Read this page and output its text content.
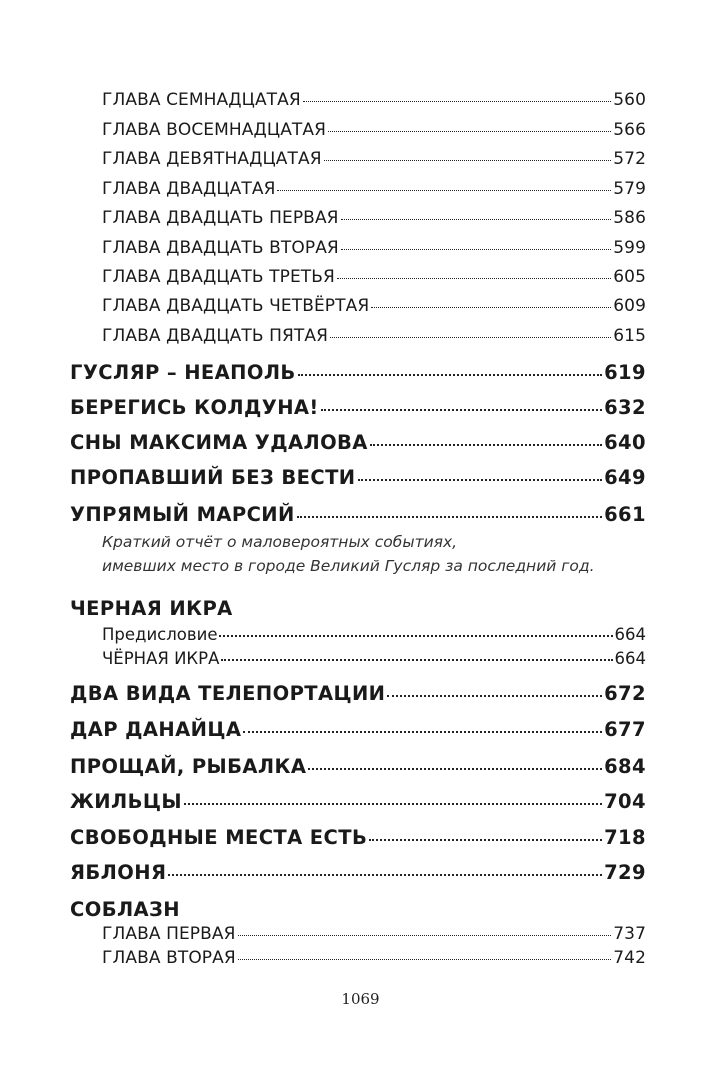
ГЛАВА СЕМНАДЦАТАЯ	560
ГЛАВА ВОСЕМНАДЦАТАЯ	566
ГЛАВА ДЕВЯТНАДЦАТАЯ	572
ГЛАВА ДВАДЦАТАЯ	579
ГЛАВА ДВАДЦАТЬ ПЕРВАЯ	586
ГЛАВА ДВАДЦАТЬ ВТОРАЯ	599
ГЛАВА ДВАДЦАТЬ ТРЕТЬЯ	605
ГЛАВА ДВАДЦАТЬ ЧЕТВЁРТАЯ	609
ГЛАВА ДВАДЦАТЬ ПЯТАЯ	615
ГУСЛЯР – НЕАПОЛЬ	619
БЕРЕГИСЬ КОЛДУНА!	632
СНЫ МАКСИМА УДАЛОВА	640
ПРОПАВШИЙ БЕЗ ВЕСТИ	649
УПРЯМЫЙ МАРСИЙ	661
Краткий отчёт о маловероятных событиях,
имевших место в городе Великий Гусляр за последний год.
ЧЕРНАЯ ИКРА
Предисловие	664
ЧЁРНАЯ ИКРА	664
ДВА ВИДА ТЕЛЕПОРТАЦИИ	672
ДАР ДАНАЙЦА	677
ПРОЩАЙ, РЫБАЛКА	684
ЖИЛЬЦЫ	704
СВОБОДНЫЕ МЕСТА ЕСТЬ	718
ЯБЛОНЯ	729
СОБЛАЗН
ГЛАВА ПЕРВАЯ	737
ГЛАВА ВТОРАЯ	742
1069
